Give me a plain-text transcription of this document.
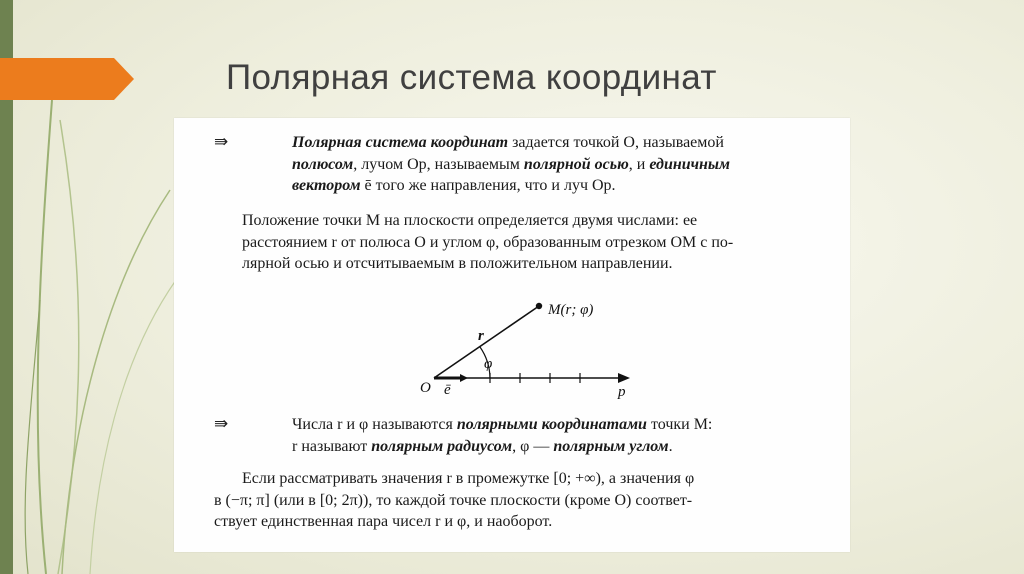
Полярная система координат
⇛	Полярная система координат задается точкой O, называемой
полюсом, лучом Op, называемым полярной осью, и единичным
вектором ē того же направления, что и луч Op.
Положение точки M на плоскости определяется двумя числами: ее
расстоянием r от полюса O и углом φ, образованным отрезком OM с по-
лярной осью и отсчитываемым в положительном направлении.
M(r; φ)
r
φ
O ē	p
⇛	Числа r и φ называются полярными координатами точки M:
r называют полярным радиусом, φ — полярным углом.
Если рассматривать значения r в промежутке [0; +∞), а значения φ
в (−π; π] (или в [0; 2π)), то каждой точке плоскости (кроме O) соответ-
ствует единственная пара чисел r и φ, и наоборот.
